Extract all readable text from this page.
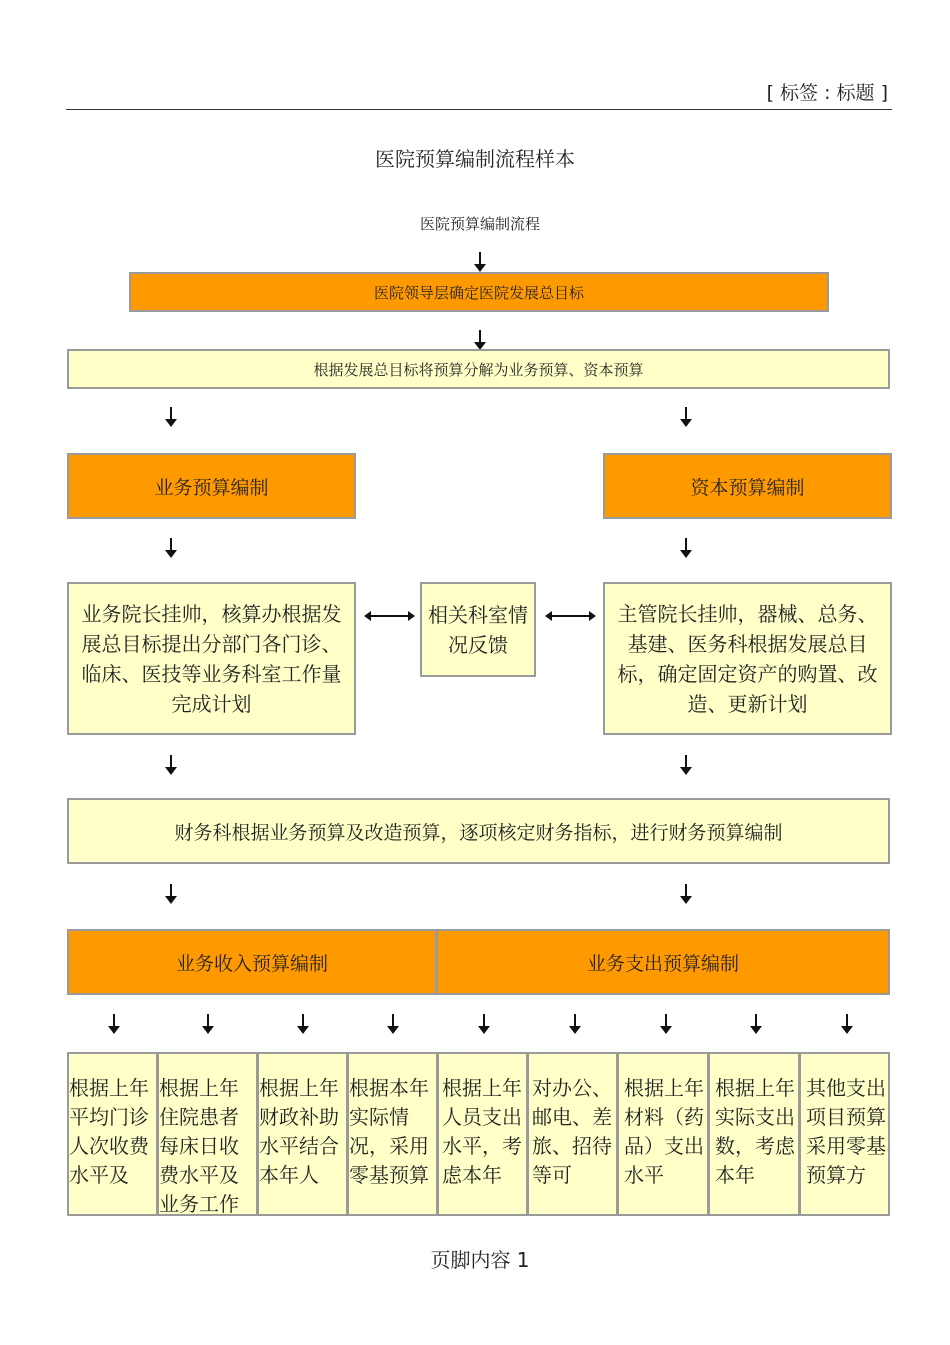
[ 标签 : 标题 ]
医院预算编制流程样本
医院预算编制流程
医院领导层确定医院发展总目标
根据发展总目标将预算分解为业务预算、资本预算
业务预算编制	资本预算编制
业务院长挂帅，核算办根据发展总目标提出分部门各门诊、临床、医技等业务科室工作量完成计划
相关科室情况反馈
主管院长挂帅，器械、总务、基建、医务科根据发展总目标，确定固定资产的购置、改造、更新计划
财务科根据业务预算及改造预算，逐项核定财务指标，进行财务预算编制
业务收入预算编制	业务支出预算编制
根据上年平均门诊人次收费水平及
根据上年住院患者每床日收费水平及业务工作
根据上年财政补助水平结合本年人
根据本年实际情况，采用零基预算
根据上年人员支出水平，考虑本年
对办公、邮电、差旅、招待等可
根据上年材料（药品）支出水平
根据上年实际支出数，考虑本年
其他支出项目预算采用零基预算方
页脚内容 1
